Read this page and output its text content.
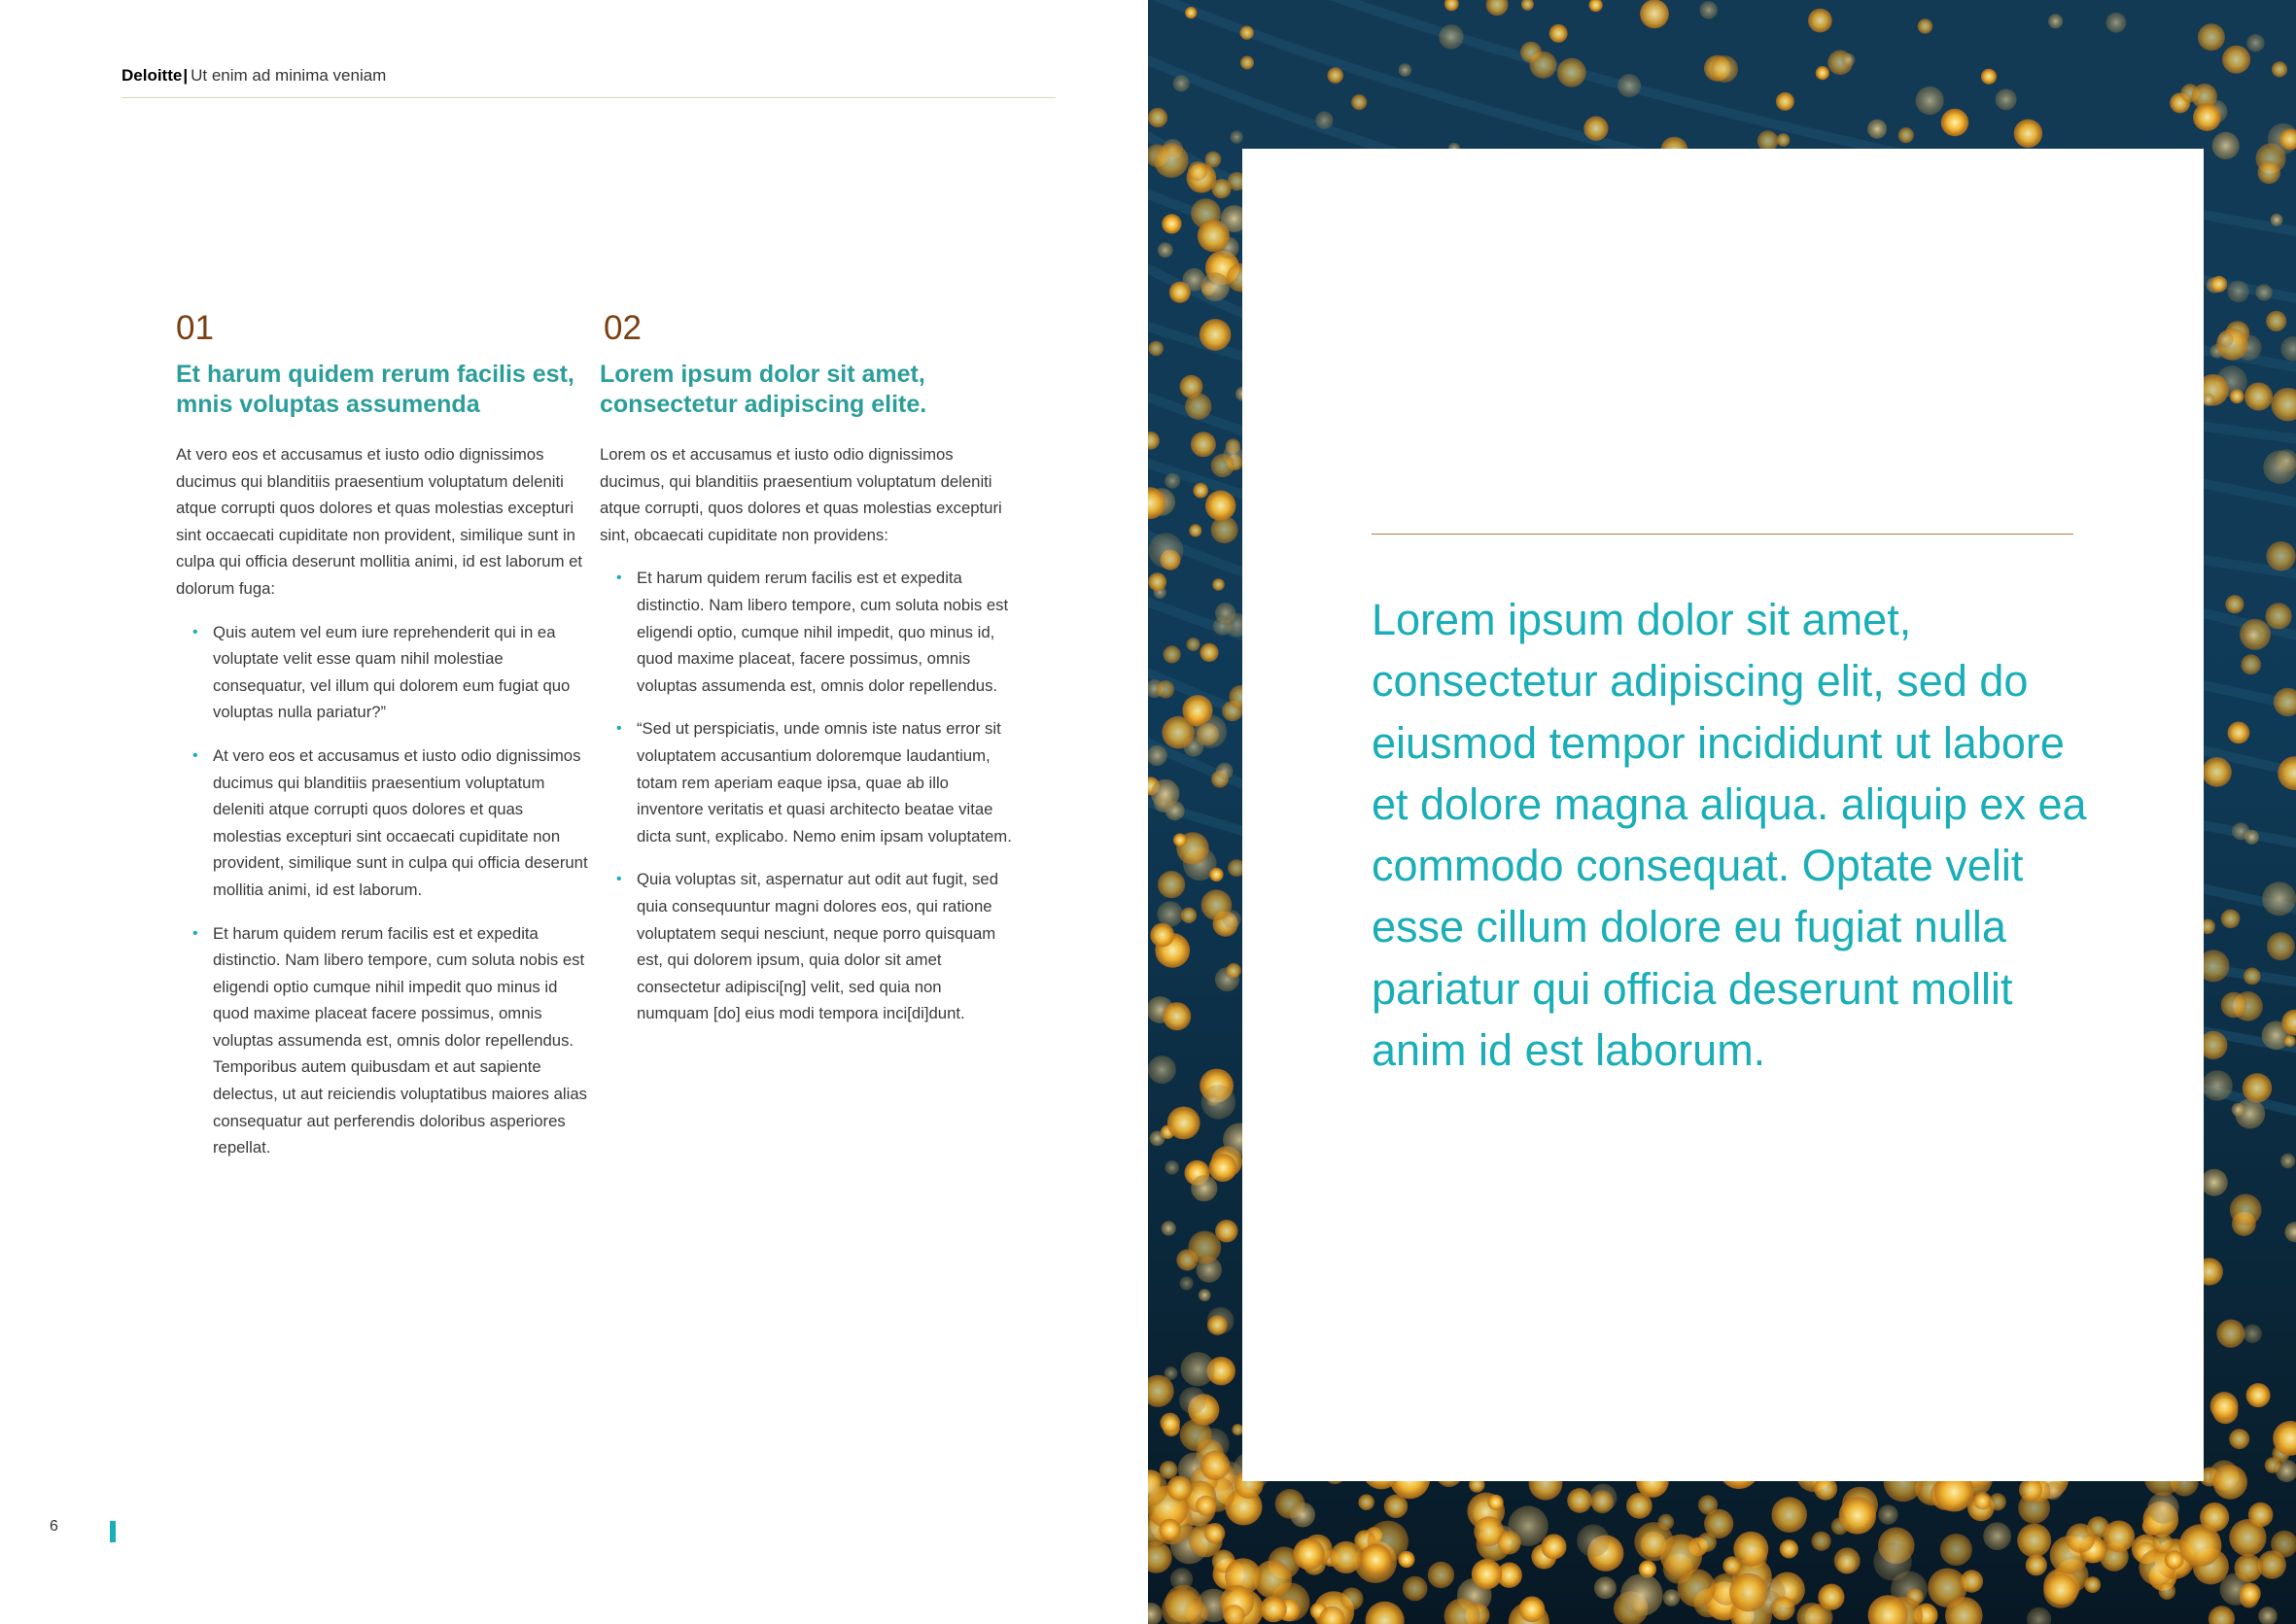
Deloitte| Ut enim ad minima veniam
01
Et harum quidem rerum facilis est, mnis voluptas assumenda

At vero eos et accusamus et iusto odio dignissimos ducimus qui blanditiis praesentium voluptatum deleniti atque corrupti quos dolores et quas molestias excepturi sint occaecati cupiditate non provident, similique sunt in culpa qui officia deserunt mollitia animi, id est laborum et dolorum fuga:

• Quis autem vel eum iure reprehenderit qui in ea voluptate velit esse quam nihil molestiae consequatur, vel illum qui dolorem eum fugiat quo voluptas nulla pariatur?”
• At vero eos et accusamus et iusto odio dignissimos ducimus qui blanditiis praesentium voluptatum deleniti atque corrupti quos dolores et quas molestias excepturi sint occaecati cupiditate non provident, similique sunt in culpa qui officia deserunt mollitia animi, id est laborum.
• Et harum quidem rerum facilis est et expedita distinctio. Nam libero tempore, cum soluta nobis est eligendi optio cumque nihil impedit quo minus id quod maxime placeat facere possimus, omnis voluptas assumenda est, omnis dolor repellendus. Temporibus autem quibusdam et aut sapiente delectus, ut aut reiciendis voluptatibus maiores alias consequatur aut perferendis doloribus asperiores repellat.
02
Lorem ipsum dolor sit amet, consectetur adipiscing elite.

Lorem os et accusamus et iusto odio dignissimos ducimus, qui blanditiis praesentium voluptatum deleniti atque corrupti, quos dolores et quas molestias excepturi sint, obcaecati cupiditate non providens:

• Et harum quidem rerum facilis est et expedita distinctio. Nam libero tempore, cum soluta nobis est eligendi optio, cumque nihil impedit, quo minus id, quod maxime placeat, facere possimus, omnis voluptas assumenda est, omnis dolor repellendus.
• “Sed ut perspiciatis, unde omnis iste natus error sit voluptatem accusantium doloremque laudantium, totam rem aperiam eaque ipsa, quae ab illo inventore veritatis et quasi architecto beatae vitae dicta sunt, explicabo. Nemo enim ipsam voluptatem.
• Quia voluptas sit, aspernatur aut odit aut fugit, sed quia consequuntur magni dolores eos, qui ratione voluptatem sequi nesciunt, neque porro quisquam est, qui dolorem ipsum, quia dolor sit amet consectetur adipisci[ng] velit, sed quia non numquam [do] eius modi tempora inci[di]dunt.
6

Lorem ipsum dolor sit amet, consectetur adipiscing elit, sed do eiusmod tempor incididunt ut labore et dolore magna aliqua. aliquip ex ea commodo consequat. Optate velit esse cillum dolore eu fugiat nulla pariatur qui officia deserunt mollit anim id est laborum.
